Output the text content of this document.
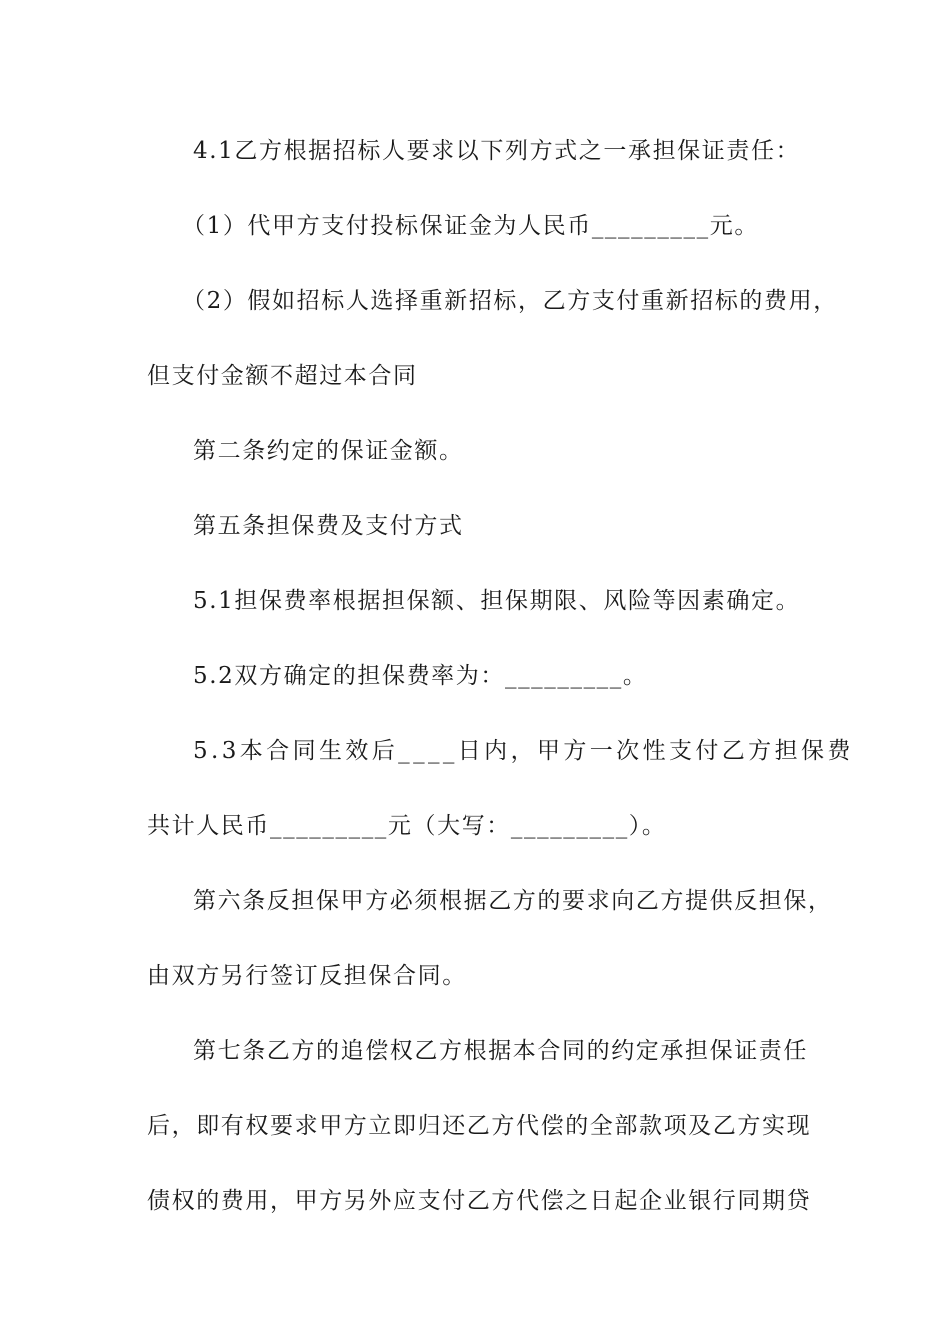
4.1乙方根据招标人要求以下列方式之一承担保证责任：
（1）代甲方支付投标保证金为人民币_________元。
（2）假如招标人选择重新招标，乙方支付重新招标的费用，
但支付金额不超过本合同
第二条约定的保证金额。
第五条担保费及支付方式
5.1担保费率根据担保额、担保期限、风险等因素确定。
5.2双方确定的担保费率为：_________。
5.3本合同生效后____日内，甲方一次性支付乙方担保费
共计人民币_________元（大写：_________）。
第六条反担保甲方必须根据乙方的要求向乙方提供反担保，
由双方另行签订反担保合同。
第七条乙方的追偿权乙方根据本合同的约定承担保证责任
后，即有权要求甲方立即归还乙方代偿的全部款项及乙方实现
债权的费用，甲方另外应支付乙方代偿之日起企业银行同期贷
